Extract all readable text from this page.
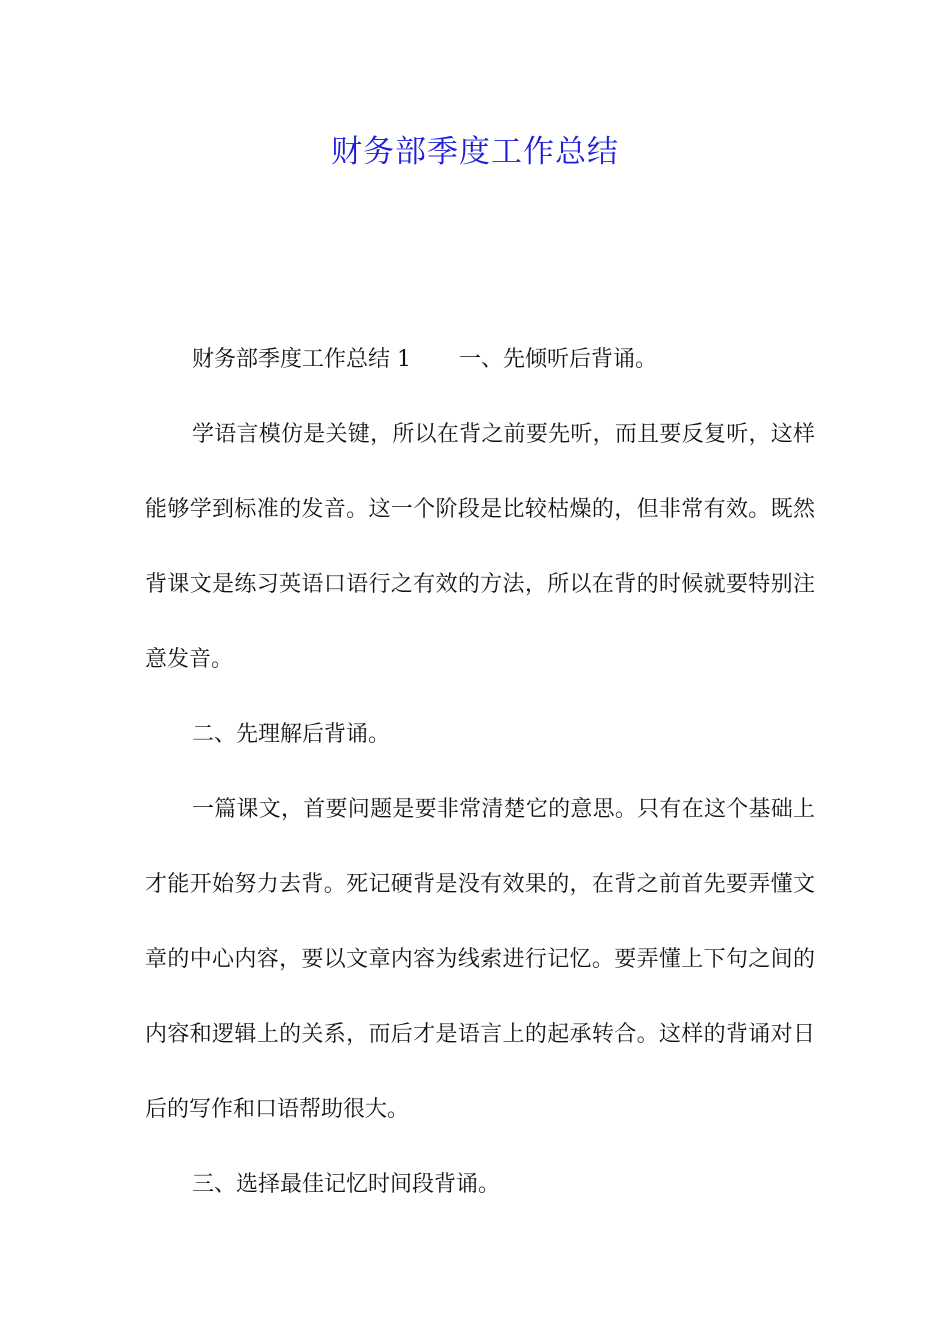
财务部季度工作总结

财务部季度工作总结 1 一、先倾听后背诵。

学语言模仿是关键，所以在背之前要先听，而且要反复听，这样能够学到标准的发音。这一个阶段是比较枯燥的，但非常有效。既然背课文是练习英语口语行之有效的方法，所以在背的时候就要特别注意发音。

二、先理解后背诵。

一篇课文，首要问题是要非常清楚它的意思。只有在这个基础上才能开始努力去背。死记硬背是没有效果的，在背之前首先要弄懂文章的中心内容，要以文章内容为线索进行记忆。要弄懂上下句之间的内容和逻辑上的关系，而后才是语言上的起承转合。这样的背诵对日后的写作和口语帮助很大。

三、选择最佳记忆时间段背诵。
